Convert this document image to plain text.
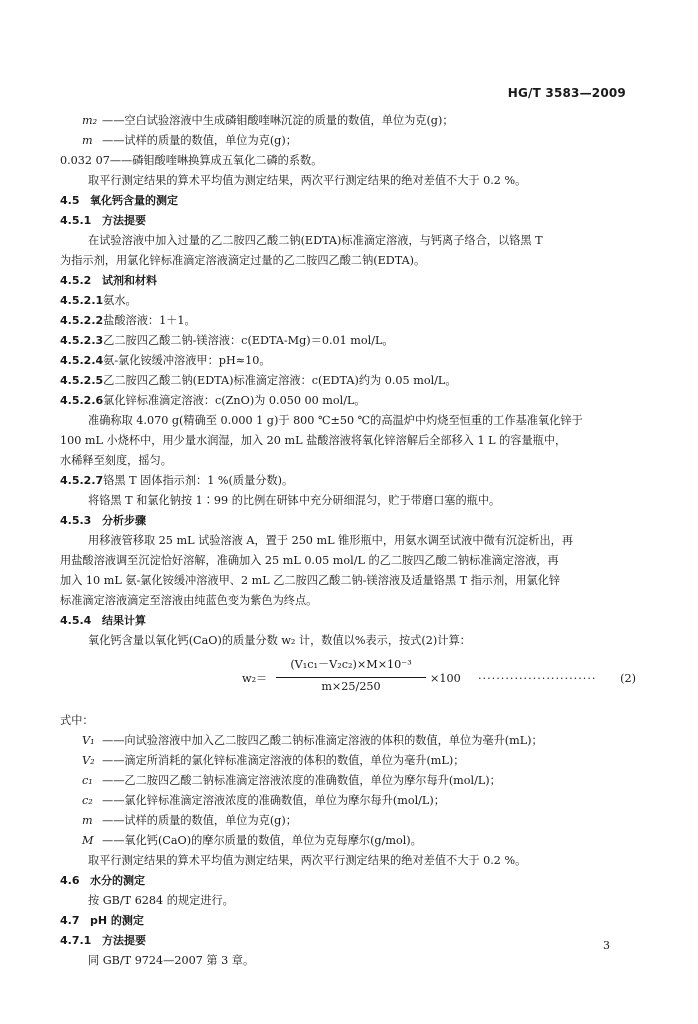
HG/T 3583—2009
m₂ ——空白试验溶液中生成磷钼酸喹啉沉淀的质量的数值，单位为克(g)；
m ——试样的质量的数值，单位为克(g)；
0.032 07——磷钼酸喹啉换算成五氧化二磷的系数。
取平行测定结果的算术平均值为测定结果，两次平行测定结果的绝对差值不大于 0.2 %。
4.5 氧化钙含量的测定
4.5.1 方法提要
在试验溶液中加入过量的乙二胺四乙酸二钠(EDTA)标准滴定溶液，与钙离子络合，以铬黑 T
为指示剂，用氯化锌标准滴定溶液滴定过量的乙二胺四乙酸二钠(EDTA)。
4.5.2 试剂和材料
4.5.2.1氨水。
4.5.2.2盐酸溶液：1＋1。
4.5.2.3乙二胺四乙酸二钠-镁溶液：c(EDTA-Mg)＝0.01 mol/L。
4.5.2.4氨-氯化铵缓冲溶液甲：pH≈10。
4.5.2.5乙二胺四乙酸二钠(EDTA)标准滴定溶液：c(EDTA)约为 0.05 mol/L。
4.5.2.6氯化锌标准滴定溶液：c(ZnO)为 0.050 00 mol/L。
准确称取 4.070 g(精确至 0.000 1 g)于 800 ℃±50 ℃的高温炉中灼烧至恒重的工作基准氧化锌于
100 mL 小烧杯中，用少量水润湿，加入 20 mL 盐酸溶液将氧化锌溶解后全部移入 1 L 的容量瓶中，
水稀释至刻度，摇匀。
4.5.2.7铬黑 T 固体指示剂：1 %(质量分数)。
将铬黑 T 和氯化钠按 1∶99 的比例在研钵中充分研细混匀，贮于带磨口塞的瓶中。
4.5.3 分析步骤
用移液管移取 25 mL 试验溶液 A，置于 250 mL 锥形瓶中，用氨水调至试液中微有沉淀析出，再
用盐酸溶液调至沉淀恰好溶解，准确加入 25 mL 0.05 mol/L 的乙二胺四乙酸二钠标准滴定溶液，再
加入 10 mL 氨-氯化铵缓冲溶液甲、2 mL 乙二胺四乙酸二钠-镁溶液及适量铬黑 T 指示剂，用氯化锌
标准滴定溶液滴定至溶液由纯蓝色变为紫色为终点。
4.5.4 结果计算
氧化钙含量以氧化钙(CaO)的质量分数 w₂ 计，数值以%表示，按式(2)计算：
w₂＝
(V₁c₁－V₂c₂)×M×10⁻³
m×25/250
×100 ·························· (2)
式中：
V₁ ——向试验溶液中加入乙二胺四乙酸二钠标准滴定溶液的体积的数值，单位为毫升(mL)；
V₂ ——滴定所消耗的氯化锌标准滴定溶液的体积的数值，单位为毫升(mL)；
c₁ ——乙二胺四乙酸二钠标准滴定溶液浓度的准确数值，单位为摩尔每升(mol/L)；
c₂ ——氯化锌标准滴定溶液浓度的准确数值，单位为摩尔每升(mol/L)；
m ——试样的质量的数值，单位为克(g)；
M ——氧化钙(CaO)的摩尔质量的数值，单位为克每摩尔(g/mol)。
取平行测定结果的算术平均值为测定结果，两次平行测定结果的绝对差值不大于 0.2 %。
4.6 水分的测定
按 GB/T 6284 的规定进行。
4.7 pH 的测定
4.7.1 方法提要
同 GB/T 9724—2007 第 3 章。
3
